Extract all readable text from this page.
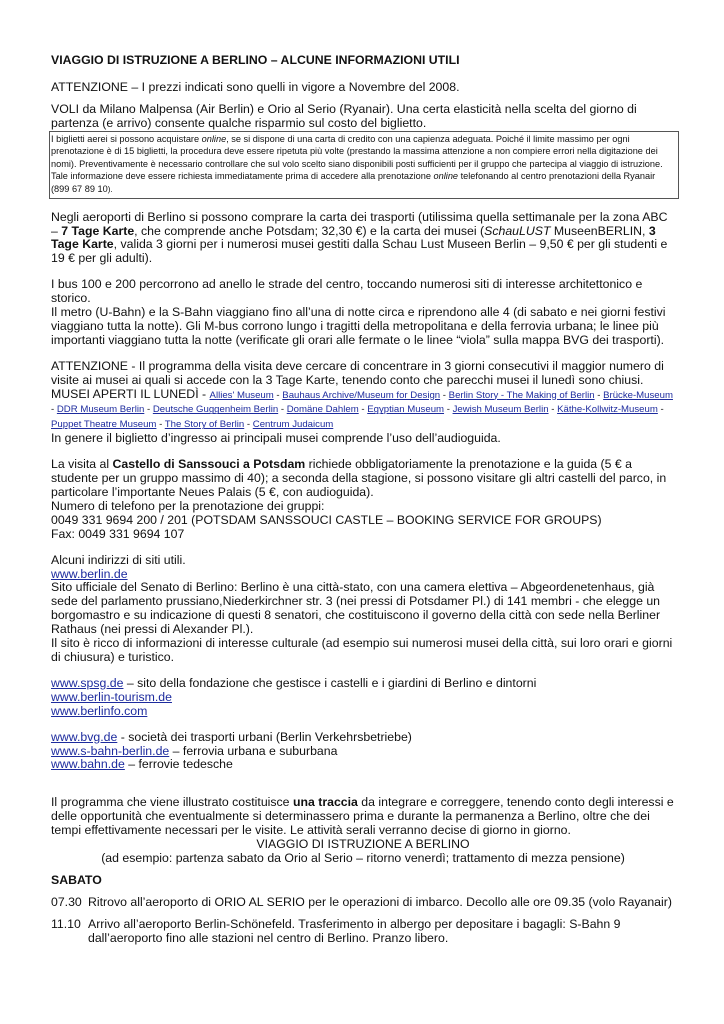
VIAGGIO DI ISTRUZIONE A BERLINO – ALCUNE INFORMAZIONI UTILI

ATTENZIONE – I prezzi indicati sono quelli in vigore a Novembre del 2008.

VOLI da Milano Malpensa (Air Berlin) e Orio al Serio (Ryanair). Una certa elasticità nella scelta del giorno di partenza (e arrivo) consente qualche risparmio sul costo del biglietto.

I biglietti aerei si possono acquistare online, se si dispone di una carta di credito con una capienza adeguata. Poiché il limite massimo per ogni prenotazione è di 15 biglietti, la procedura deve essere ripetuta più volte (prestando la massima attenzione a non compiere errori nella digitazione dei nomi). Preventivamente è necessario controllare che sul volo scelto siano disponibili posti sufficienti per il gruppo che partecipa al viaggio di istruzione. Tale informazione deve essere richiesta immediatamente prima di accedere alla prenotazione online telefonando al centro prenotazioni della Ryanair (899 67 89 10).

Negli aeroporti di Berlino si possono comprare la carta dei trasporti (utilissima quella settimanale per la zona ABC – 7 Tage Karte, che comprende anche Potsdam; 32,30 €) e la carta dei musei (SchauLUST MuseenBERLIN, 3 Tage Karte, valida 3 giorni per i numerosi musei gestiti dalla Schau Lust Museen Berlin – 9,50 € per gli studenti e 19 € per gli adulti).

I bus 100 e 200 percorrono ad anello le strade del centro, toccando numerosi siti di interesse architettonico e storico.

Il metro (U-Bahn) e la S-Bahn viaggiano fino all’una di notte circa e riprendono alle 4 (di sabato e nei giorni festivi viaggiano tutta la notte). Gli M-bus corrono lungo i tragitti della metropolitana e della ferrovia urbana; le linee più importanti viaggiano tutta la notte (verificate gli orari alle fermate o le linee “viola” sulla mappa BVG dei trasporti).

ATTENZIONE - Il programma della visita deve cercare di concentrare in 3 giorni consecutivi il maggior numero di visite ai musei ai quali si accede con la 3 Tage Karte, tenendo conto che parecchi musei il lunedì sono chiusi.

MUSEI APERTI IL LUNEDÌ - Allies' Museum - Bauhaus Archive/Museum for Design - Berlin Story - The Making of Berlin - Brücke-Museum - DDR Museum Berlin - Deutsche Guggenheim Berlin - Domäne Dahlem - Egyptian Museum - Jewish Museum Berlin - Käthe-Kollwitz-Museum - Puppet Theatre Museum - The Story of Berlin - Centrum Judaicum

In genere il biglietto d’ingresso ai principali musei comprende l’uso dell’audioguida.

La visita al Castello di Sanssouci a Potsdam richiede obbligatoriamente la prenotazione e la guida (5 € a studente per un gruppo massimo di 40); a seconda della stagione, si possono visitare gli altri castelli del parco, in particolare l’importante Neues Palais (5 €, con audioguida).

Numero di telefono per la prenotazione dei gruppi:

0049 331 9694 200 / 201 (POTSDAM SANSSOUCI CASTLE – BOOKING SERVICE FOR GROUPS)

Fax: 0049 331 9694 107

Alcuni indirizzi di siti utili.

www.berlin.de

Sito ufficiale del Senato di Berlino: Berlino è una città-stato, con una camera elettiva – Abgeordenetenhaus, già sede del parlamento prussiano,Niederkirchner str. 3 (nei pressi di Potsdamer Pl.) di 141 membri - che elegge un borgomastro e su indicazione di questi 8 senatori, che costituiscono il governo della città con sede nella Berliner Rathaus (nei pressi di Alexander Pl.).

Il sito è ricco di informazioni di interesse culturale (ad esempio sui numerosi musei della città, sui loro orari e giorni di chiusura) e turistico.

www.spsg.de – sito della fondazione che gestisce i castelli e i giardini di Berlino e dintorni

www.berlin-tourism.de

www.berlinfo.com

www.bvg.de - società dei trasporti urbani (Berlin Verkehrsbetriebe)

www.s-bahn-berlin.de – ferrovia urbana e suburbana

www.bahn.de – ferrovie tedesche

Il programma che viene illustrato costituisce una traccia da integrare e correggere, tenendo conto degli interessi e delle opportunità che eventualmente si determinassero prima e durante la permanenza a Berlino, oltre che dei tempi effettivamente necessari per le visite. Le attività serali verranno decise di giorno in giorno.

VIAGGIO DI ISTRUZIONE A BERLINO

(ad esempio: partenza sabato da Orio al Serio – ritorno venerdì; trattamento di mezza pensione)

SABATO

07.30 Ritrovo all’aeroporto di ORIO AL SERIO per le operazioni di imbarco. Decollo alle ore 09.35 (volo Rayanair)
11.10 Arrivo all’aeroporto Berlin-Schönefeld. Trasferimento in albergo per depositare i bagagli: S-Bahn 9 dall’aeroporto fino alle stazioni nel centro di Berlino. Pranzo libero.
